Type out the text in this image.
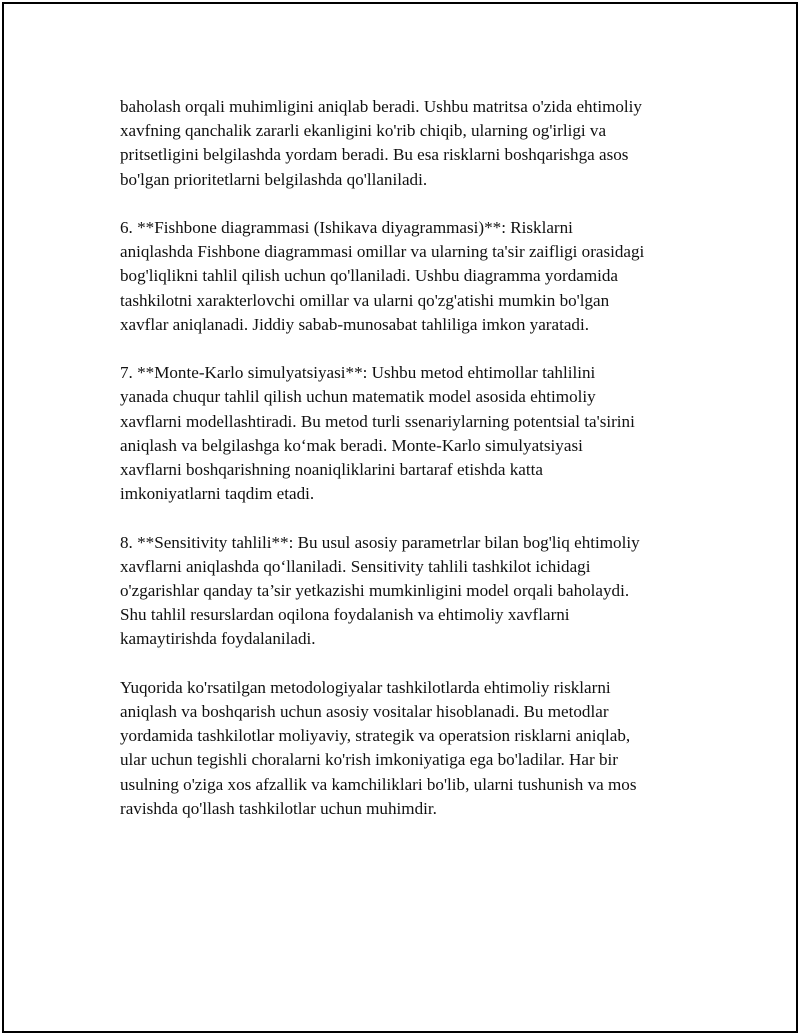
baholash orqali muhimligini aniqlab beradi. Ushbu matritsa o'zida ehtimoliy
xavfning qanchalik zararli ekanligini ko'rib chiqib, ularning og'irligi va
pritsetligini belgilashda yordam beradi. Bu esa risklarni boshqarishga asos
bo'lgan prioritetlarni belgilashda qo'llaniladi.

6. **Fishbone diagrammasi (Ishikava diyagrammasi)**: Risklarni
aniqlashda Fishbone diagrammasi omillar va ularning ta'sir zaifligi orasidagi
bog'liqlikni tahlil qilish uchun qo'llaniladi. Ushbu diagramma yordamida
tashkilotni xarakterlovchi omillar va ularni qo'zg'atishi mumkin bo'lgan
xavflar aniqlanadi. Jiddiy sabab-munosabat tahliliga imkon yaratadi.

7. **Monte-Karlo simulyatsiyasi**: Ushbu metod ehtimollar tahlilini
yanada chuqur tahlil qilish uchun matematik model asosida ehtimoliy
xavflarni modellashtiradi. Bu metod turli ssenariylarning potentsial ta'sirini
aniqlash va belgilashga ko‘mak beradi. Monte-Karlo simulyatsiyasi
xavflarni boshqarishning noaniqliklarini bartaraf etishda katta
imkoniyatlarni taqdim etadi.

8. **Sensitivity tahlili**: Bu usul asosiy parametrlar bilan bog'liq ehtimoliy
xavflarni aniqlashda qo‘llaniladi. Sensitivity tahlili tashkilot ichidagi
o'zgarishlar qanday ta’sir yetkazishi mumkinligini model orqali baholaydi.
Shu tahlil resurslardan oqilona foydalanish va ehtimoliy xavflarni
kamaytirishda foydalaniladi.

Yuqorida ko'rsatilgan metodologiyalar tashkilotlarda ehtimoliy risklarni
aniqlash va boshqarish uchun asosiy vositalar hisoblanadi. Bu metodlar
yordamida tashkilotlar moliyaviy, strategik va operatsion risklarni aniqlab,
ular uchun tegishli choralarni ko'rish imkoniyatiga ega bo'ladilar. Har bir
usulning o'ziga xos afzallik va kamchiliklari bo'lib, ularni tushunish va mos
ravishda qo'llash tashkilotlar uchun muhimdir.
